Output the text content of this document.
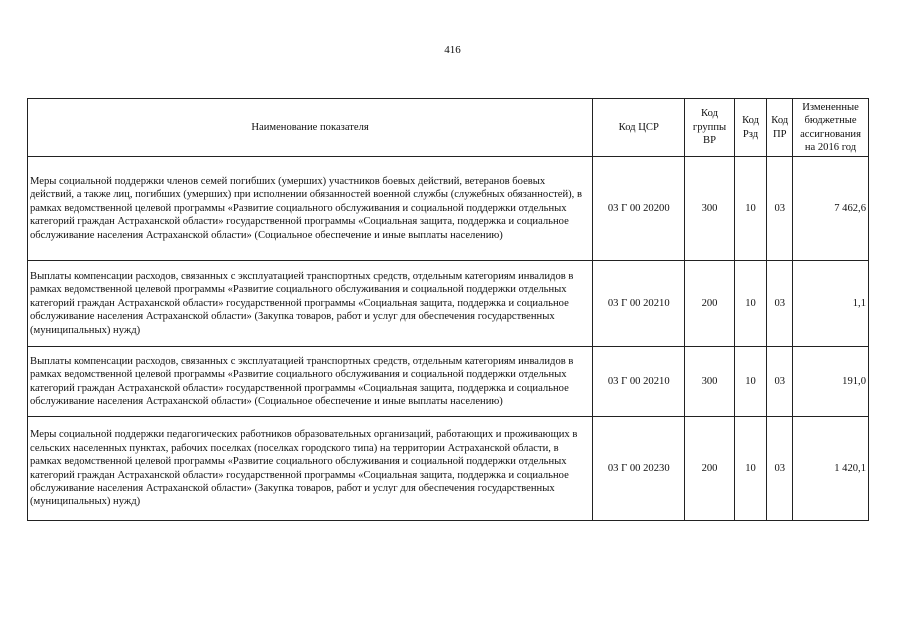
416
Наименование показателя	Код ЦСР	Код группы ВР	Код Рзд	Код ПР	Измененные бюджетные ассигнования на 2016 год
Меры социальной поддержки членов семей погибших (умерших) участников боевых действий, ветеранов боевых действий, а также лиц, погибших (умерших) при исполнении обязанностей военной службы (служебных обязанностей), в рамках ведомственной целевой программы «Развитие социального обслуживания и социальной поддержки отдельных категорий граждан Астраханской области» государственной программы «Социальная защита, поддержка и социальное обслуживание населения Астраханской области» (Социальное обеспечение и иные выплаты населению)	03 Г 00 20200	300	10	03	7 462,6
Выплаты компенсации расходов, связанных с эксплуатацией транспортных средств, отдельным категориям инвалидов в рамках ведомственной целевой программы «Развитие социального обслуживания и социальной поддержки отдельных категорий граждан Астраханской области» государственной программы «Социальная защита, поддержка и социальное обслуживание населения Астраханской области» (Закупка товаров, работ и услуг для обеспечения государственных (муниципальных) нужд)	03 Г 00 20210	200	10	03	1,1
Выплаты компенсации расходов, связанных с эксплуатацией транспортных средств, отдельным категориям инвалидов в рамках ведомственной целевой программы «Развитие социального обслуживания и социальной поддержки отдельных категорий граждан Астраханской области» государственной программы «Социальная защита, поддержка и социальное обслуживание населения Астраханской области» (Социальное обеспечение и иные выплаты населению)	03 Г 00 20210	300	10	03	191,0
Меры социальной поддержки педагогических работников образовательных организаций, работающих и проживающих в сельских населенных пунктах, рабочих поселках (поселках городского типа) на территории Астраханской области, в рамках ведомственной целевой программы «Развитие социального обслуживания и социальной поддержки отдельных категорий граждан Астраханской области» государственной программы «Социальная защита, поддержка и социальное обслуживание населения Астраханской области» (Закупка товаров, работ и услуг для обеспечения государственных (муниципальных) нужд)	03 Г 00 20230	200	10	03	1 420,1
